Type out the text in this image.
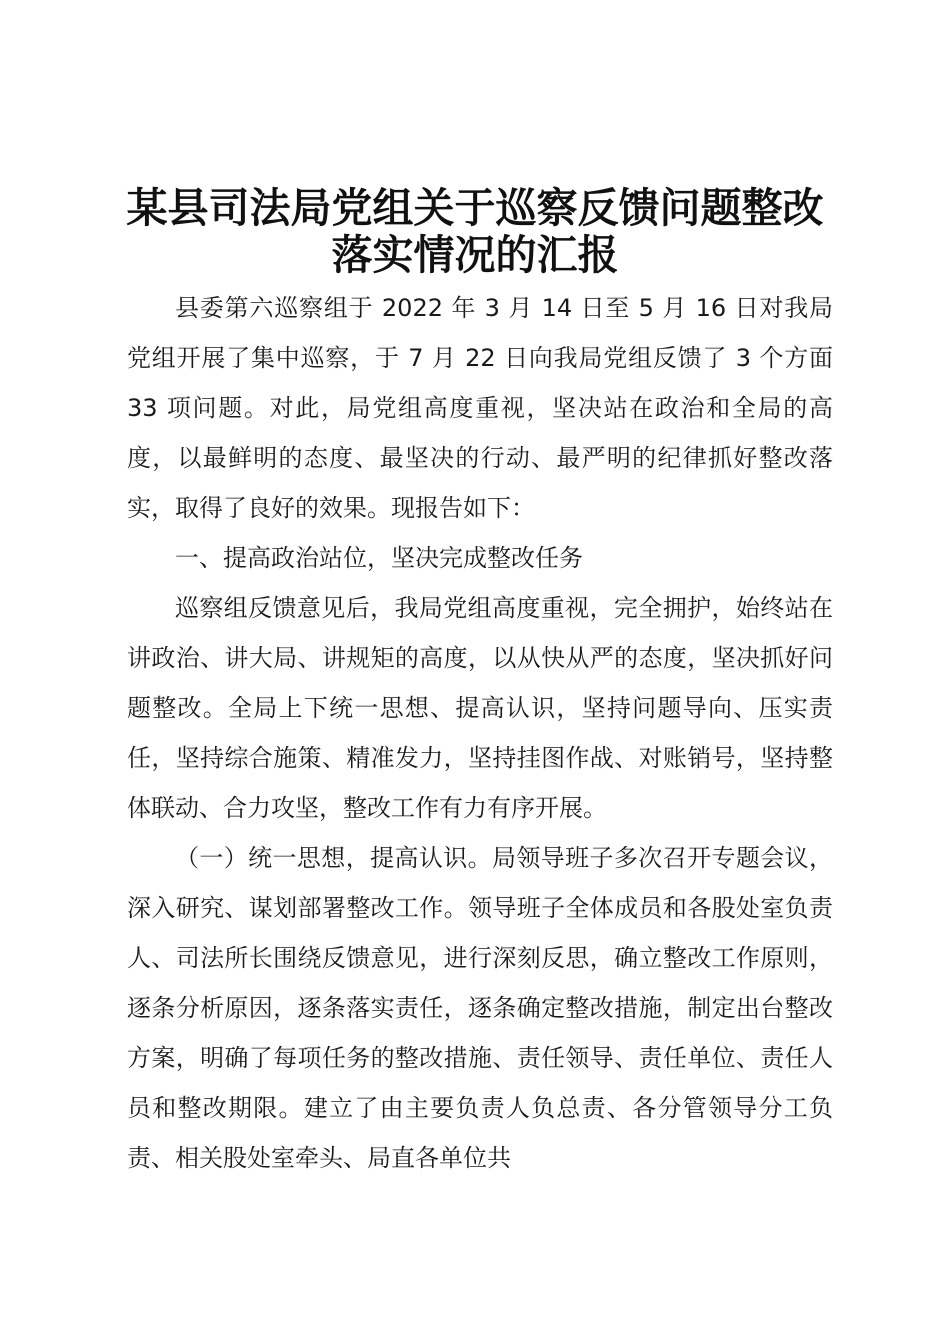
某县司法局党组关于巡察反馈问题整改
落实情况的汇报

县委第六巡察组于 2022 年 3 月 14 日至 5 月 16 日对我局党组开展了集中巡察，于 7 月 22 日向我局党组反馈了 3 个方面 33 项问题。对此，局党组高度重视，坚决站在政治和全局的高度，以最鲜明的态度、最坚决的行动、最严明的纪律抓好整改落实，取得了良好的效果。现报告如下：

一、提高政治站位，坚决完成整改任务

巡察组反馈意见后，我局党组高度重视，完全拥护，始终站在讲政治、讲大局、讲规矩的高度，以从快从严的态度，坚决抓好问题整改。全局上下统一思想、提高认识，坚持问题导向、压实责任，坚持综合施策、精准发力，坚持挂图作战、对账销号，坚持整体联动、合力攻坚，整改工作有力有序开展。

（一）统一思想，提高认识。局领导班子多次召开专题会议，深入研究、谋划部署整改工作。领导班子全体成员和各股处室负责人、司法所长围绕反馈意见，进行深刻反思，确立整改工作原则，逐条分析原因，逐条落实责任，逐条确定整改措施，制定出台整改方案，明确了每项任务的整改措施、责任领导、责任单位、责任人员和整改期限。建立了由主要负责人负总责、各分管领导分工负责、相关股处室牵头、局直各单位共
